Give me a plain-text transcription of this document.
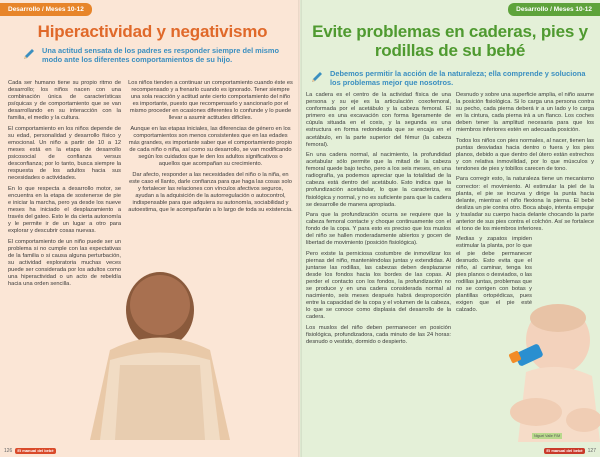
Desarrollo / Meses 10-12
Hiperactividad y negativismo

Una actitud sensata de los padres es responder siempre del mismo modo ante los diferentes comportamientos de su hijo.

Cada ser humano tiene su propio ritmo de desarrollo; los niños nacen con una combinación única de características psíquicas y de comportamiento que se van desarrollando en su interacción con la familia, el medio y la cultura.

El comportamiento en los niños depende de su edad, personalidad y desarrollo físico y emocional. Un niño a partir de 10 a 12 meses está en la etapa de desarrollo psicosocial de confianza versus desconfianza; por lo tanto, busca siempre la respuesta de los adultos hacia sus necesidades o actividades.

En lo que respecta a desarrollo motor, se encuentra en la etapa de sostenerse de pie e iniciar la marcha, pero ya desde los nueve meses ha iniciado el desplazamiento a través del gateo. Esto le da cierta autonomía y le permite ir de un lugar a otro para explorar y descubrir cosas nuevas.

El comportamiento de un niño puede ser un problema si no cumple con las expectativas de la familia o si causa alguna perturbación, su actividad exploratoria muchas veces puede ser considerada por los adultos como una hiperactividad o un acto de rebeldía hacia una orden sencilla.

Los niños tienden a continuar un comportamiento cuando éste es recompensado y a frenarlo cuando es ignorado. Tener siempre una sola reacción y actitud ante cierto comportamiento del niño es importante, puesto que recompensarlo y sancionarlo por el mismo proceder en ocasiones diferentes lo confunde y lo puede llevar a asumir actitudes difíciles.

Aunque en las etapas iniciales, las diferencias de género en los comportamientos son menos consistentes que en las edades más grandes, es importante saber que el comportamiento propio de cada niño o niña, así como su desarrollo, se van modificando según los cuidados que le den los adultos significativos o aquellos que acompañan su crecimiento.

Dar afecto, responder a las necesidades del niño o la niña, en este caso el llanto, darle confianza para que haga las cosas solo y fortalecer las relaciones con vínculos afectivos seguros, ayudan a la adquisición de la autorregulación o autocontrol, indispensable para que adquiera su autonomía, sociabilidad y autoestima, que le acompañarán a lo largo de toda su existencia.

126	El manual del bebé
Desarrollo / Meses 10-12
Evite problemas en caderas, pies y rodillas de su bebé

Debemos permitir la acción de la naturaleza; ella comprende y soluciona los problemas mejor que nosotros.

La cadera es el centro de la actividad física de una persona y su eje es la articulación coxofemoral, conformada por el acetábulo y la cabeza femoral. El primero es una excavación con forma ligeramente de cúpula situada en el coxis, y la segunda es una estructura en forma redondeada que se encaja en el acetábulo, en la parte superior del fémur (la cabeza femoral).

En una cadera normal, al nacimiento, la profundidad acetabular sólo permite que la mitad de la cabeza femoral quede bajo techo, pero a los seis meses, en una radiografía, ya podemos apreciar que la totalidad de la cabeza está dentro del acetábulo. Esto indica que la profundización acetabular, lo que la caracteriza, es fisiológica y normal, y no es suficiente para que la cadera se desarrolle de manera apropiada.

Para que la profundización ocurra se requiere que la cabeza femoral contacte y choque continuamente con el fondo de la copa. Y para esto es preciso que los muslos del niño se hallen moderadamente abiertos y gocen de libertad de movimiento (posición fisiológica).

Pero existe la perniciosa costumbre de inmovilizar los piernas del niño, manteniéndolas juntas y extendidas. Al juntarse las rodillas, las cabezas deben desplazarse desde los fondos hacia los bordes de las copas. Al perder el contacto con los fondos, la profundización no se produce y en una cadera considerada normal al nacimiento, seis meses después habrá desproporción entre la capacidad de la copa y el volumen de la cabeza, lo que se conoce como displasia del desarrollo de la cadera.

Los muslos del niño deben permanecer en posición fisiológica, profundizadora, cada minuto de las 24 horas: desnudo o vestido, dormido o despierto.

Desnudo y sobre una superficie amplia, el niño asume la posición fisiológica. Si lo carga una persona contra su pecho, cada pierna deberá ir a un lado y lo carga en la cintura, cada pierna irá a un flanco. Los coches deben tener la amplitud necesaria para que los miembros inferiores estén en adecuada posición.

Todos los niños con pies normales, al nacer, tienen las puntas desviadas hacia dentro o fuera y los pies planos, debido a que dentro del útero están estrechos y con relativa inmovilidad, por lo que músculos y tendones de pies y tobillos carecen de tono.

Para corregir esto, la naturaleza tiene un mecanismo corrector: el movimiento. Al estimular la piel de la planta, el pie se incurva y dirige la punta hacia delante, mientras el niño flexiona la pierna. El bebé desliza un pie contra otro. Boca abajo, intenta empujar y trasladar su cuerpo hacia delante chocando la parte anterior de sus pies contra el colchón. Así se fortalece el tono de los miembros inferiores.

Medias y zapatos impiden estimular la planta, por lo que el pie debe permanecer desnudo. Esto evita que el niño, al caminar, tenga los pies planos o desviados, o las rodillas juntas, problemas que no se corrigen con botas y plantillas ortopédicas, pues exigen que el pie esté calzado.

Niguel Valle F/M
El manual del bebé	127
